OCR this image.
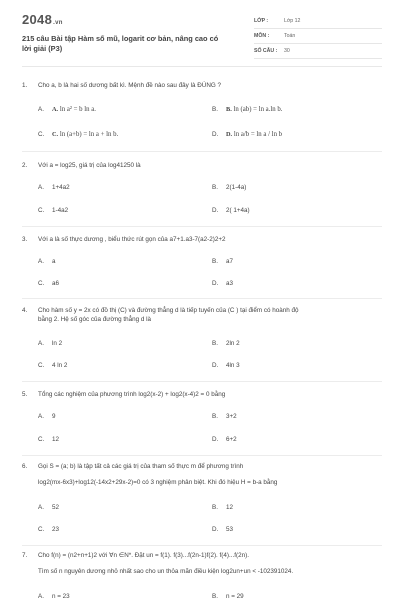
2048.vn
215 câu Bài tập Hàm số mũ, logarit cơ bản, nâng cao có lời giải (P3)
LỚP :	Lớp 12
MÔN :	Toán
SỐ CÂU : 30
1. Cho a, b là hai số dương bất kì. Mệnh đề nào sau đây là ĐÚNG ?
A. A. ln a² = b ln a.	B. B. ln (ab) = ln a.ln b.
C. C. ln (a+b) = ln a + ln b.	D. D. ln a/b = ln a / ln b
2. Với a = log25, giá trị của log41250 là
A. 1+4a2	B. 2(1-4a)
C. 1-4a2	D. 2( 1+4a)
3. Với a là số thực dương , biểu thức rút gọn của a7+1.a3-7(a2-2)2+2
A. a	B. a7
C. a6	D. a3
4. Cho hàm số y = 2x có đồ thị (C) và đường thẳng d là tiếp tuyến của (C ) tại điểm có hoành độ
bằng 2. Hệ số góc của đường thẳng d là
A. ln 2	B. 2ln 2
C. 4 ln 2	D. 4ln 3
5. Tổng các nghiệm của phương trình log2(x-2) + log2(x-4)2 = 0 bằng
A. 9	B. 3+2
C. 12	D. 6+2
6. Gọi S = (a; b) là tập tất cả các giá trị của tham số thực m để phương trình
log2(mx-6x3)+log12(-14x2+29x-2)=0 có 3 nghiệm phân biệt. Khi đó hiệu H = b-a bằng
A. 52	B. 12
C. 23	D. 53
7. Cho f(n) = (n2+n+1)2 với ∀n ∈N*. Đặt un = f(1). f(3)...f(2n-1)f(2). f(4)...f(2n).
Tìm số n nguyên dương nhỏ nhất sao cho un thỏa mãn điều kiện log2un+un < -102391024.
A. n = 23	B. n = 29
